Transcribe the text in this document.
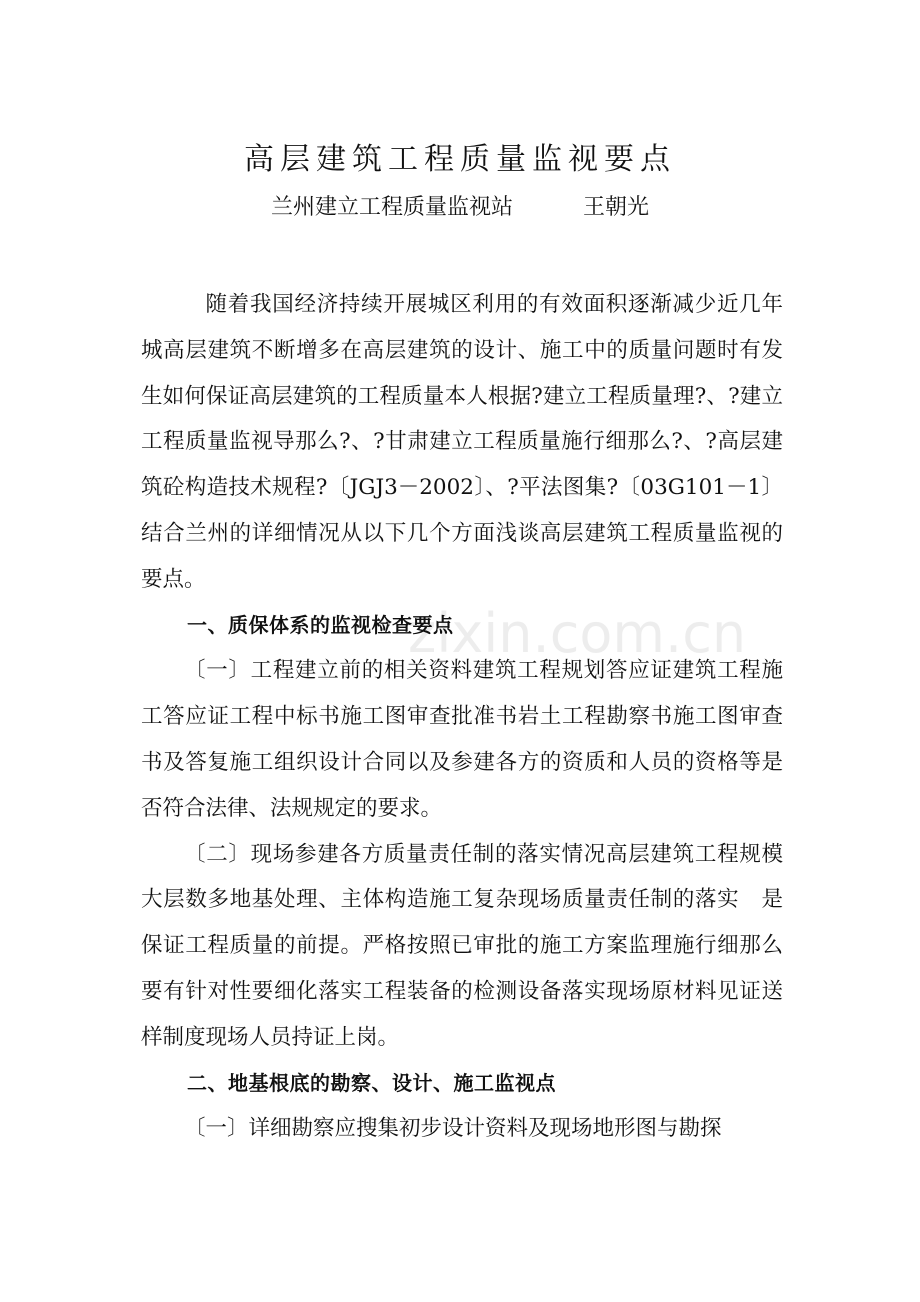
高层建筑工程质量监视要点
兰州建立工程质量监视站	王朝光

随着我国经济持续开展城区利用的有效面积逐渐减少近几年城高层建筑不断增多在高层建筑的设计、施工中的质量问题时有发生如何保证高层建筑的工程质量本人根据?建立工程质量理?、?建立工程质量监视导那么?、?甘肃建立工程质量施行细那么?、?高层建筑砼构造技术规程?〔JGJ3－2002〕、?平法图集?〔03G101－1〕结合兰州的详细情况从以下几个方面浅谈高层建筑工程质量监视的要点。

一、质保体系的监视检查要点

〔一〕工程建立前的相关资料建筑工程规划答应证建筑工程施工答应证工程中标书施工图审查批准书岩土工程勘察书施工图审查书及答复施工组织设计合同以及参建各方的资质和人员的资格等是否符合法律、法规规定的要求。

〔二〕现场参建各方质量责任制的落实情况高层建筑工程规模大层数多地基处理、主体构造施工复杂现场质量责任制的落实　是保证工程质量的前提。严格按照已审批的施工方案监理施行细那么要有针对性要细化落实工程装备的检测设备落实现场原材料见证送样制度现场人员持证上岗。

二、地基根底的勘察、设计、施工监视点

〔一〕详细勘察应搜集初步设计资料及现场地形图与勘探

zixin.com.cn
